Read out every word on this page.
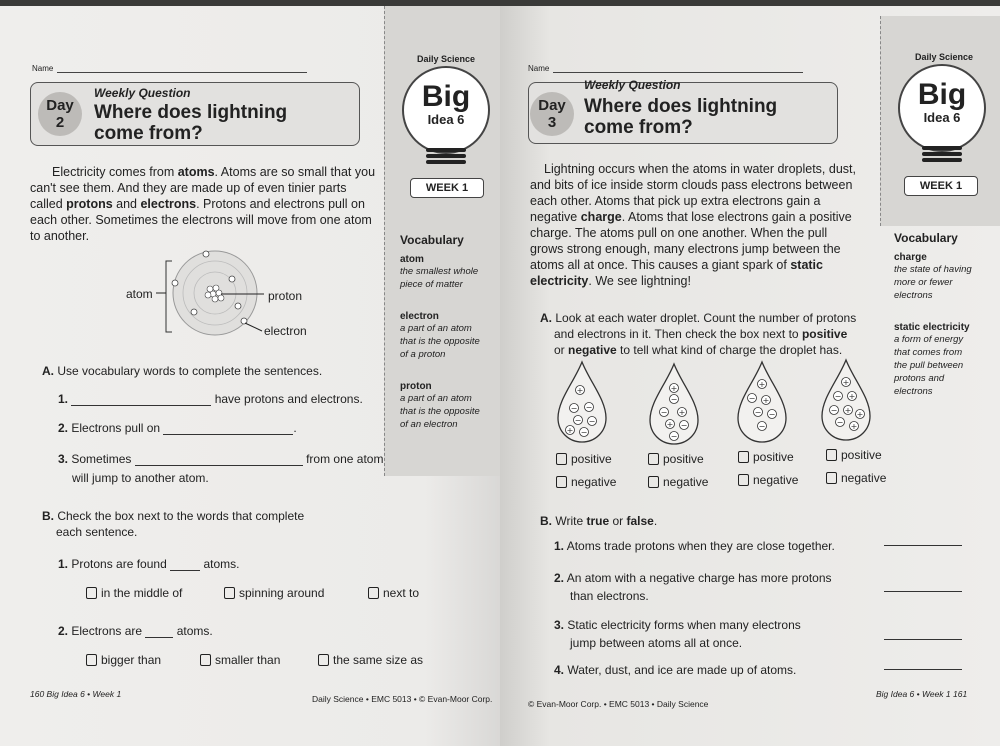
Name
Day
2
Weekly Question
Where does lightning
come from?
Daily Science
Big
Idea 6
WEEK 1
Vocabulary
atom
the smallest whole
piece of matter
electron
a part of an atom
that is the opposite
of a proton
proton
a part of an atom
that is the opposite
of an electron
Electricity comes from atoms. Atoms are so small that you can't see them. And they are made up of even tinier parts called protons and electrons. Protons and electrons pull on each other. Sometimes the electrons will move from one atom to another.
atom	proton
electron
A. Use vocabulary words to complete the sentences.
1.	have protons and electrons.
2. Electrons pull on	.
3. Sometimes	from one atom
will jump to another atom.
B. Check the box next to the words that complete
each sentence.
1. Protons are found	atoms.
in the middle of	spinning around	next to
2. Electrons are	atoms.
bigger than	smaller than	the same size as
160 Big Idea 6 • Week 1	Daily Science • EMC 5013 • © Evan-Moor Corp.
Name
Day
3
Weekly Question
Where does lightning
come from?
Daily Science
Big
Idea 6
WEEK 1
Vocabulary
charge
the state of having
more or fewer
electrons
static electricity
a form of energy
that comes from
the pull between
protons and
electrons
Lightning occurs when the atoms in water droplets, dust, and bits of ice inside storm clouds pass electrons between each other. Atoms that pick up extra electrons gain a negative charge. Atoms that lose electrons gain a positive charge. The atoms pull on one another. When the pull grows strong enough, many electrons jump between the atoms all at once. This causes a giant spark of static electricity. We see lightning!
A. Look at each water droplet. Count the number of protons
and electrons in it. Then check the box next to positive
or negative to tell what kind of charge the droplet has.
+
− −
− −
+ −
+
−
− +
+ −
−
+
− +
− −
−
+
− +
− + +
− +
positive
negative
positive
negative
positive
negative
positive
negative
B. Write true or false.
1. Atoms trade protons when they are close together.
2. An atom with a negative charge has more protons
than electrons.
3. Static electricity forms when many electrons
jump between atoms all at once.
4. Water, dust, and ice are made up of atoms.
© Evan-Moor Corp. • EMC 5013 • Daily Science
Big Idea 6 • Week 1 161
